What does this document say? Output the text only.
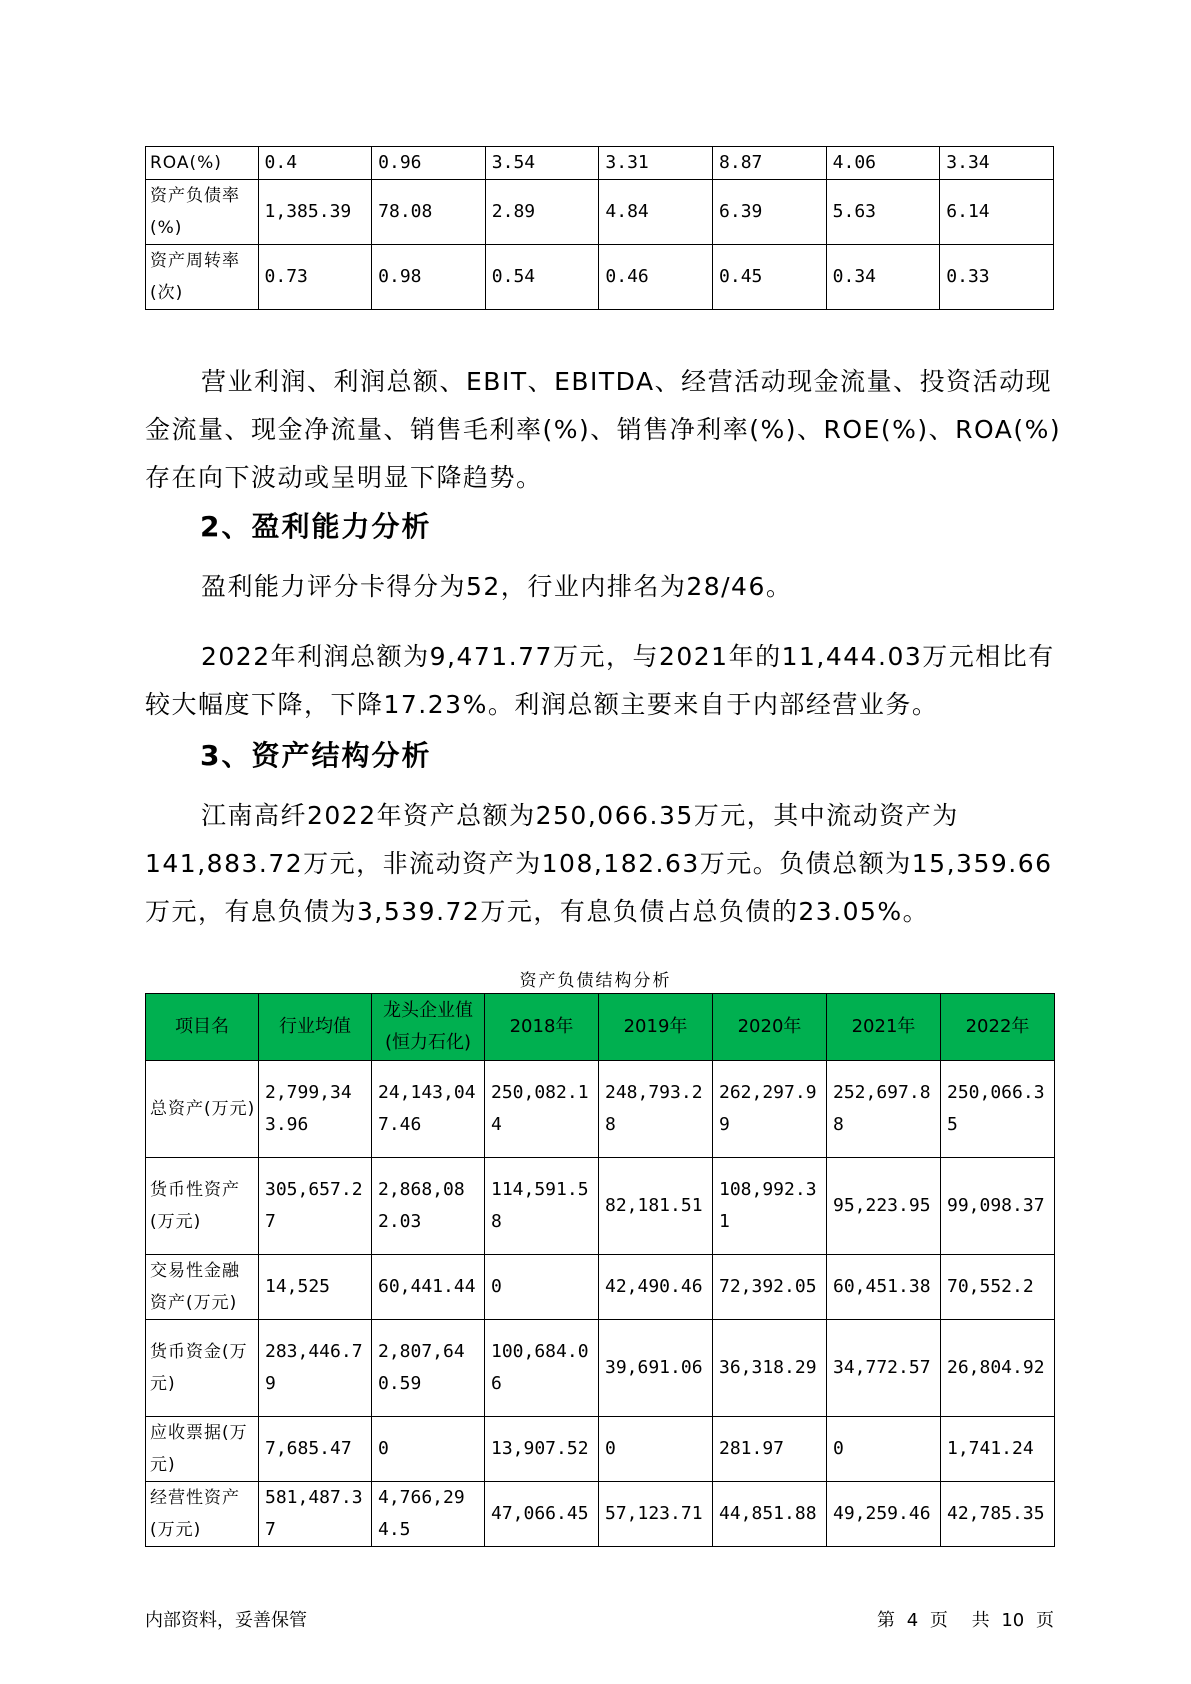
ROA(%)	0.4	0.96	3.54	3.31	8.87	4.06	3.34
资产负债率(%)	1,385.39	78.08	2.89	4.84	6.39	5.63	6.14
资产周转率(次)	0.73	0.98	0.54	0.46	0.45	0.34	0.33

营业利润、利润总额、EBIT、EBITDA、经营活动现金流量、投资活动现金流量、现金净流量、销售毛利率(%)、销售净利率(%)、ROE(%)、ROA(%)存在向下波动或呈明显下降趋势。

2、盈利能力分析

盈利能力评分卡得分为52，行业内排名为28/46。

2022年利润总额为9,471.77万元，与2021年的11,444.03万元相比有较大幅度下降，下降17.23%。利润总额主要来自于内部经营业务。

3、资产结构分析

江南高纤2022年资产总额为250,066.35万元，其中流动资产为141,883.72万元，非流动资产为108,182.63万元。负债总额为15,359.66万元，有息负债为3,539.72万元，有息负债占总负债的23.05%。

资产负债结构分析
项目名	行业均值	龙头企业值(恒力石化)	2018年	2019年	2020年	2021年	2022年
总资产(万元)	2,799,343.96	24,143,047.46	250,082.14	248,793.28	262,297.99	252,697.88	250,066.35
货币性资产(万元)	305,657.27	2,868,082.03	114,591.58	82,181.51	108,992.31	95,223.95	99,098.37
交易性金融资产(万元)	14,525	60,441.44	0	42,490.46	72,392.05	60,451.38	70,552.2
货币资金(万元)	283,446.79	2,807,640.59	100,684.06	39,691.06	36,318.29	34,772.57	26,804.92
应收票据(万元)	7,685.47	0	13,907.52	0	281.97	0	1,741.24
经营性资产(万元)	581,487.37	4,766,294.5	47,066.45	57,123.71	44,851.88	49,259.46	42,785.35
内部资料，妥善保管	第 4 页 共 10 页
